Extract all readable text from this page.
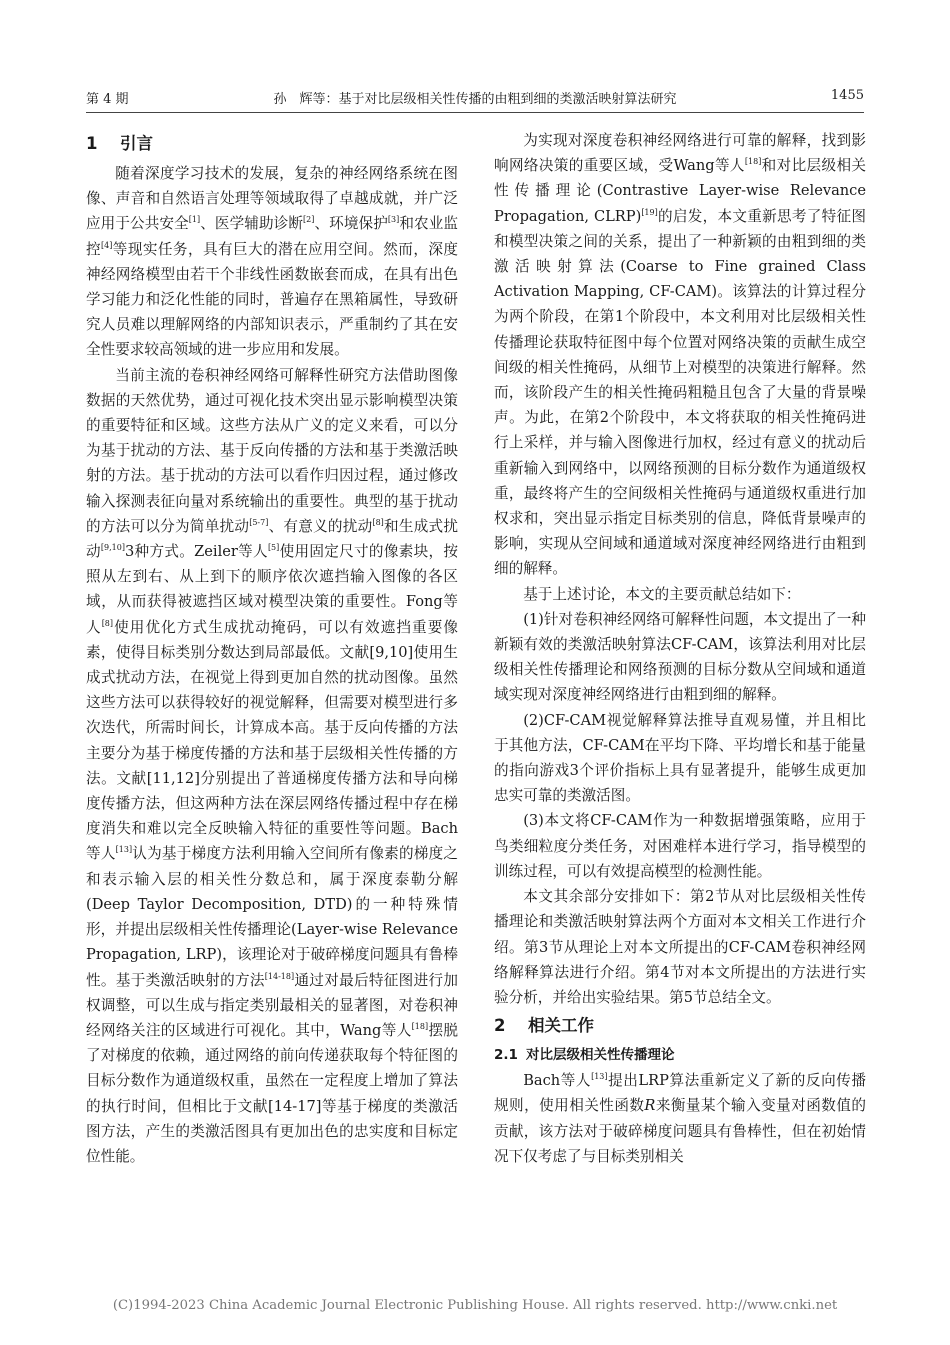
孙　辉等：基于对比层级相关性传播的由粗到细的类激活映射算法研究
第 4 期	1455
1 引言

随着深度学习技术的发展，复杂的神经网络系统在图像、声音和自然语言处理等领域取得了卓越成就，并广泛应用于公共安全[1]、医学辅助诊断[2]、环境保护[3]和农业监控[4]等现实任务，具有巨大的潜在应用空间。然而，深度神经网络模型由若干个非线性函数嵌套而成，在具有出色学习能力和泛化性能的同时，普遍存在黑箱属性，导致研究人员难以理解网络的内部知识表示，严重制约了其在安全性要求较高领域的进一步应用和发展。

当前主流的卷积神经网络可解释性研究方法借助图像数据的天然优势，通过可视化技术突出显示影响模型决策的重要特征和区域。这些方法从广义的定义来看，可以分为基于扰动的方法、基于反向传播的方法和基于类激活映射的方法。基于扰动的方法可以看作归因过程，通过修改输入探测表征向量对系统输出的重要性。典型的基于扰动的方法可以分为简单扰动[5-7]、有意义的扰动[8]和生成式扰动[9,10]3种方式。Zeiler等人[5]使用固定尺寸的像素块，按照从左到右、从上到下的顺序依次遮挡输入图像的各区域，从而获得被遮挡区域对模型决策的重要性。Fong等人[8]使用优化方式生成扰动掩码，可以有效遮挡重要像素，使得目标类别分数达到局部最低。文献[9,10]使用生成式扰动方法，在视觉上得到更加自然的扰动图像。虽然这些方法可以获得较好的视觉解释，但需要对模型进行多次迭代，所需时间长，计算成本高。基于反向传播的方法主要分为基于梯度传播的方法和基于层级相关性传播的方法。文献[11,12]分别提出了普通梯度传播方法和导向梯度传播方法，但这两种方法在深层网络传播过程中存在梯度消失和难以完全反映输入特征的重要性等问题。Bach等人[13]认为基于梯度方法利用输入空间所有像素的梯度之和表示输入层的相关性分数总和，属于深度泰勒分解(Deep Taylor Decomposition, DTD)的一种特殊情形，并提出层级相关性传播理论(Layer-wise Relevance Propagation, LRP)，该理论对于破碎梯度问题具有鲁棒性。基于类激活映射的方法[14-18]通过对最后特征图进行加权调整，可以生成与指定类别最相关的显著图，对卷积神经网络关注的区域进行可视化。其中，Wang等人[18]摆脱了对梯度的依赖，通过网络的前向传递获取每个特征图的目标分数作为通道级权重，虽然在一定程度上增加了算法的执行时间，但相比于文献[14-17]等基于梯度的类激活图方法，产生的类激活图具有更加出色的忠实度和目标定位性能。

为实现对深度卷积神经网络进行可靠的解释，找到影响网络决策的重要区域，受Wang等人[18]和对比层级相关性传播理论(Contrastive Layer-wise Relevance Propagation, CLRP)[19]的启发，本文重新思考了特征图和模型决策之间的关系，提出了一种新颖的由粗到细的类激活映射算法(Coarse to Fine grained Class Activation Mapping, CF-CAM)。该算法的计算过程分为两个阶段，在第1个阶段中，本文利用对比层级相关性传播理论获取特征图中每个位置对网络决策的贡献生成空间级的相关性掩码，从细节上对模型的决策进行解释。然而，该阶段产生的相关性掩码粗糙且包含了大量的背景噪声。为此，在第2个阶段中，本文将获取的相关性掩码进行上采样，并与输入图像进行加权，经过有意义的扰动后重新输入到网络中，以网络预测的目标分数作为通道级权重，最终将产生的空间级相关性掩码与通道级权重进行加权求和，突出显示指定目标类别的信息，降低背景噪声的影响，实现从空间域和通道域对深度神经网络进行由粗到细的解释。

基于上述讨论，本文的主要贡献总结如下：

(1)针对卷积神经网络可解释性问题，本文提出了一种新颖有效的类激活映射算法CF-CAM，该算法利用对比层级相关性传播理论和网络预测的目标分数从空间域和通道域实现对深度神经网络进行由粗到细的解释。

(2)CF-CAM视觉解释算法推导直观易懂，并且相比于其他方法，CF-CAM在平均下降、平均增长和基于能量的指向游戏3个评价指标上具有显著提升，能够生成更加忠实可靠的类激活图。

(3)本文将CF-CAM作为一种数据增强策略，应用于鸟类细粒度分类任务，对困难样本进行学习，指导模型的训练过程，可以有效提高模型的检测性能。

本文其余部分安排如下：第2节从对比层级相关性传播理论和类激活映射算法两个方面对本文相关工作进行介绍。第3节从理论上对本文所提出的CF-CAM卷积神经网络解释算法进行介绍。第4节对本文所提出的方法进行实验分析，并给出实验结果。第5节总结全文。

2 相关工作
2.1 对比层级相关性传播理论

Bach等人[13]提出LRP算法重新定义了新的反向传播规则，使用相关性函数R来衡量某个输入变量对函数值的贡献，该方法对于破碎梯度问题具有鲁棒性，但在初始情况下仅考虑了与目标类别相关

(C)1994-2023 China Academic Journal Electronic Publishing House. All rights reserved. http://www.cnki.net
